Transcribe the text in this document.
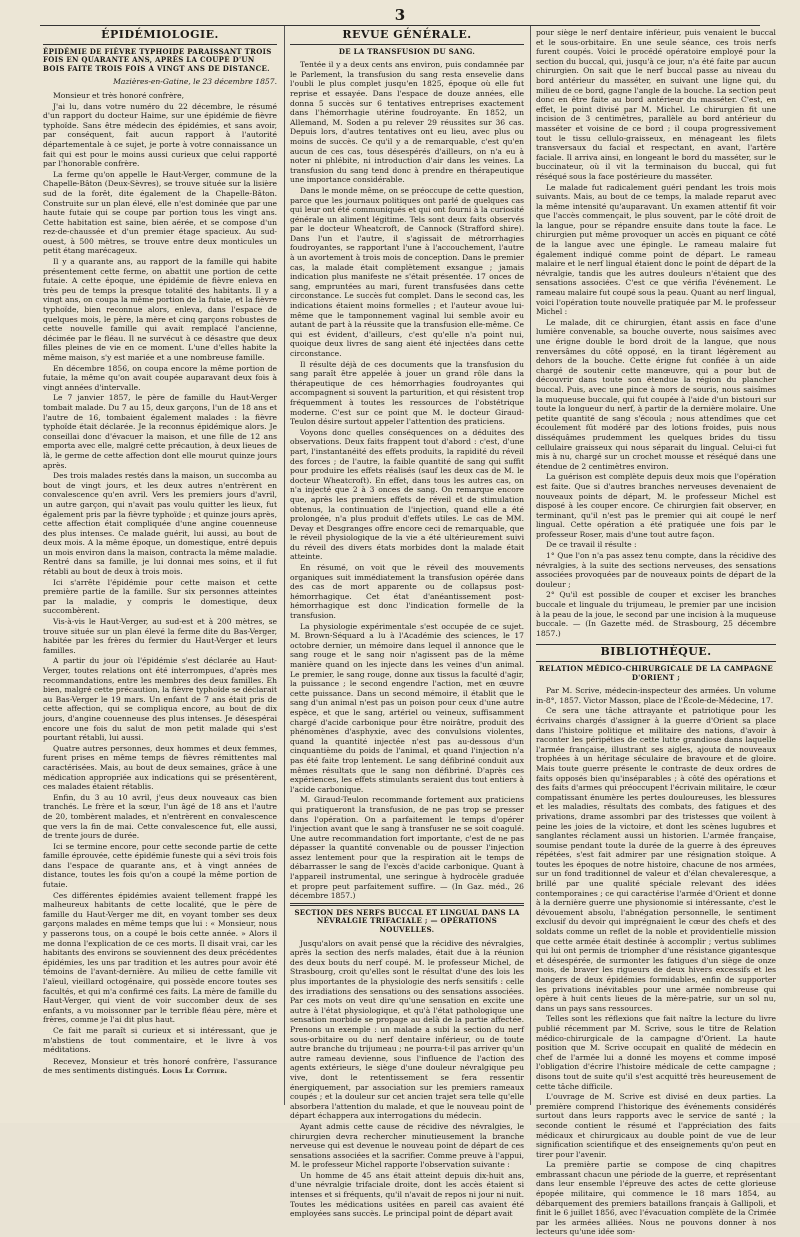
3
ÉPIDÉMIOLOGIE.
ÉPIDÉMIE DE FIÈVRE TYPHOIDE PARAISSANT TROIS FOIS EN QUARANTE ANS, APRÈS LA COUPE D'UN BOIS FAITE TROIS FOIS A VINGT ANS DE DISTANCE.
Mazières-en-Gatine, le 23 décembre 1857.

Monsieur et très honoré confrère,

J'ai lu, dans votre numéro du 22 décembre, le résumé d'un rapport du docteur Haime, sur une épidémie de fièvre typhoïde. Sans être médecin des épidémies, et sans avoir, par conséquent, fait aucun rapport à l'autorité départementale à ce sujet, je porte à votre connaissance un fait qui est pour le moins aussi curieux que celui rapporté par l'honorable confrère.

La ferme qu'on appelle le Haut-Verger, commune de la Chapelle-Bâton (Deux-Sèvres), se trouve située sur la lisière sud de la forêt, dite également de la Chapelle-Bâton. Construite sur un plan élevé, elle n'est dominée que par une haute futaie qui se coupe par portion tous les vingt ans. Cette habitation est saine, bien aérée, et se compose d'un rez-de-chaussée et d'un premier étage spacieux. Au sud-ouest, à 500 mètres, se trouve entre deux monticules un petit étang marécageux.

Il y a quarante ans, au rapport de la famille qui habite présentement cette ferme, on abattit une portion de cette futaie. A cette époque, une épidémie de fièvre enleva en très peu de temps la presque totalité des habitants. Il y a vingt ans, on coupa la même portion de la futaie, et la fièvre typhoïde, bien reconnue alors, enleva, dans l'espace de quelques mois, le père, la mère et cinq garçons robustes de cette nouvelle famille qui avait remplacé l'ancienne, décimée par le fléau. Il ne survécut à ce désastre que deux filles pleines de vie en ce moment. L'une d'elles habite la même maison, s'y est mariée et a une nombreuse famille.

En décembre 1856, on coupa encore la même portion de futaie, la même qu'on avait coupée auparavant deux fois à vingt années d'intervalle.

Le 7 janvier 1857, le père de famille du Haut-Verger tombait malade. Du 7 au 15, deux garçons, l'un de 18 ans et l'autre de 16, tombaient également malades : la fièvre typhoïde était déclarée. Je la reconnus épidémique alors. Je conseillai donc d'évacuer la maison, et une fille de 12 ans emporta avec elle, malgré cette précaution, à deux lieues de là, le germe de cette affection dont elle mourut quinze jours après.

Des trois malades restés dans la maison, un succomba au bout de vingt jours, et les deux autres n'entrèrent en convalescence qu'en avril. Vers les premiers jours d'avril, un autre garçon, qui n'avait pas voulu quitter les lieux, fut également pris par la fièvre typhoïde ; et quinze jours après, cette affection était compliquée d'une angine couenneuse des plus intenses. Ce malade guérit, lui aussi, au bout de deux mois. A la même époque, un domestique, entré depuis un mois environ dans la maison, contracta la même maladie. Rentré dans sa famille, je lui donnai mes soins, et il fut rétabli au bout de deux à trois mois.

Ici s'arrête l'épidémie pour cette maison et cette première partie de la famille. Sur six personnes atteintes par la maladie, y compris le domestique, deux succombèrent.

Vis-à-vis le Haut-Verger, au sud-est et à 200 mètres, se trouve située sur un plan élevé la ferme dite du Bas-Verger, habitée par les frères du fermier du Haut-Verger et leurs familles.

A partir du jour où l'épidémie s'est déclarée au Haut-Verger, toutes relations ont été interrompues, d'après mes recommandations, entre les membres des deux familles. Eh bien, malgré cette précaution, la fièvre typhoïde se déclarait au Bas-Verger le 19 mars. Un enfant de 7 ans était pris de cette affection, qui se compliqua encore, au bout de dix jours, d'angine couenneuse des plus intenses. Je désespérai encore une fois du salut de mon petit malade qui s'est pourtant rétabli, lui aussi.

Quatre autres personnes, deux hommes et deux femmes, furent prises en même temps de fièvres rémittentes mal caractérisées. Mais, au bout de deux semaines, grâce à une médication appropriée aux indications qui se présentèrent, ces malades étaient rétablis.

Enfin, du 3 au 10 avril, j'eus deux nouveaux cas bien tranchés. Le frère et la sœur, l'un âgé de 18 ans et l'autre de 20, tombèrent malades, et n'entrèrent en convalescence que vers la fin de mai. Cette convalescence fut, elle aussi, de trente jours de durée.

Ici se termine encore, pour cette seconde partie de cette famille éprouvée, cette épidémie funeste qui a sévi trois fois dans l'espace de quarante ans, et à vingt années de distance, toutes les fois qu'on a coupé la même portion de futaie.

Ces différentes épidémies avaient tellement frappé les malheureux habitants de cette localité, que le père de famille du Haut-Verger me dit, en voyant tomber ses deux garçons malades en même temps que lui : « Monsieur, nous y passerons tous, on a coupé le bois cette année. » Alors il me donna l'explication de ce ces morts. Il disait vrai, car les habitants des environs se souviennent des deux précédentes épidémies, les uns par tradition et les autres pour avoir été témoins de l'avant-dernière. Au milieu de cette famille vit l'aïeul, vieillard octogénaire, qui possède encore toutes ses facultés, et qui m'a confirmé ces faits. La mère de famille du Haut-Verger, qui vient de voir succomber deux de ses enfants, a vu moissonner par le terrible fléau père, mère et frères, comme je l'ai dit plus haut.

Ce fait me paraît si curieux et si intéressant, que je m'abstiens de tout commentaire, et le livre à vos méditations.

Recevez, Monsieur et très honoré confrère, l'assurance de mes sentiments distingués. Louis Le Cottier.

REVUE GÉNÉRALE.
DE LA TRANSFUSION DU SANG.

Tentée il y a deux cents ans environ, puis condamnée par le Parlement, la transfusion du sang resta ensevelie dans l'oubli le plus complet jusqu'en 1825, époque où elle fut reprise et essayée. Dans l'espace de douze années, elle donna 5 succès sur 6 tentatives entreprises exactement dans l'hémorrhagie utérine foudroyante. En 1852, un Allemand, M. Soden a pu relever 29 réussites sur 36 cas. Depuis lors, d'autres tentatives ont eu lieu, avec plus ou moins de succès. Ce qu'il y a de remarquable, c'est qu'en aucun de ces cas, tous désespérés d'ailleurs, on n'a eu à noter ni phlébite, ni introduction d'air dans les veines. La transfusion du sang tend donc à prendre en thérapeutique une importance considérable.

Dans le monde même, on se préoccupe de cette question, parce que les journaux politiques ont parlé de quelques cas qui leur ont été communiqués et qui ont fourni à la curiosité générale un aliment légitime. Tels sont deux faits observés par le docteur Wheatcroft, de Cannock (Strafford shire). Dans l'un et l'autre, il s'agissait de métrorrhagies foudroyantes, se rapportant l'une à l'accouchement, l'autre à un avortement à trois mois de conception. Dans le premier cas, la malade était complètement exsangue ; jamais indication plus manifeste ne s'était présentée. 17 onces de sang, empruntées au mari, furent transfusées dans cette circonstance. Le succès fut complet. Dans le second cas, les indications étaient moins formelles ; et l'auteur avoue lui-même que le tamponnement vaginal lui semble avoir eu autant de part à la réussite que la transfusion elle-même. Ce qui est évident, d'ailleurs, c'est qu'elle n'a point nui, quoique deux livres de sang aient été injectées dans cette circonstance.

Il résulte déjà de ces documents que la transfusion du sang paraît être appelée à jouer un grand rôle dans la thérapeutique de ces hémorrhagies foudroyantes qui accompagnent si souvent la parturition, et qui résistent trop fréquemment à toutes les ressources de l'obstétrique moderne. C'est sur ce point que M. le docteur Giraud-Teulon désire surtout appeler l'attention des praticiens.

Voyons donc quelles conséquences on a déduites des observations. Deux faits frappent tout d'abord : c'est, d'une part, l'instantanéité des effets produits, la rapidité du réveil des forces ; de l'autre, la faible quantité de sang qui suffit pour produire les effets réalisés (sauf les deux cas de M. le docteur Wheatcroft). En effet, dans tous les autres cas, on n'a injecté que 2 à 3 onces de sang. On remarque encore que, après les premiers effets de réveil et de stimulation obtenus, la continuation de l'injection, quand elle a été prolongée, n'a plus produit d'effets utiles. Le cas de MM. Devay et Desgranges offre encore ceci de remarquable, que le réveil physiologique de la vie a été ultérieurement suivi du réveil des divers états morbides dont la malade était atteinte.

En résumé, on voit que le réveil des mouvements organiques suit immédiatement la transfusion opérée dans des cas de mort apparente ou de collapsus post-hémorrhagique. Cet état d'anéantissement post-hémorrhagique est donc l'indication formelle de la transfusion.

La physiologie expérimentale s'est occupée de ce sujet. M. Brown-Séquard a lu à l'Académie des sciences, le 17 octobre dernier, un mémoire dans lequel il annonce que le sang rouge et le sang noir n'agissent pas de la même manière quand on les injecte dans les veines d'un animal. Le premier, le sang rouge, donne aux tissus la faculté d'agir, la puissance ; le second engendre l'action, met en œuvre cette puissance. Dans un second mémoire, il établit que le sang d'un animal n'est pas un poison pour ceux d'une autre espèce, et que le sang, artériel ou veineux, suffisamment chargé d'acide carbonique pour être noirâtre, produit des phénomènes d'asphyxie, avec des convulsions violentes, quand la quantité injectée n'est pas au-dessous d'un cinquantième du poids de l'animal, et quand l'injection n'a pas été faite trop lentement. Le sang défibriné conduit aux mêmes résultats que le sang non défibriné. D'après ces expériences, les effets stimulants seraient dus tout entiers à l'acide carbonique.

M. Giraud-Teulon recommande fortement aux praticiens qui pratiqueront la transfusion, de ne pas trop se presser dans l'opération. On a parfaitement le temps d'opérer l'injection avant que le sang à transfuser ne se soit coagulé. Une autre recommandation fort importante, c'est de ne pas dépasser la quantité convenable ou de pousser l'injection assez lentement pour que la respiration ait le temps de débarrasser le sang de l'excès d'acide carbonique. Quant à l'appareil instrumental, une seringue à hydrocèle graduée et propre peut parfaitement suffire. — (In Gaz. méd., 26 décembre 1857.)

SECTION DES NERFS BUCCAL ET LINGUAL DANS LA NÉVRALGIE TRIFACIALE ; — OPÉRATIONS NOUVELLES.

Jusqu'alors on avait pensé que la récidive des névralgies, après la section des nerfs malades, était due à la réunion des deux bouts du nerf coupé. M. le professeur Michel, de Strasbourg, croit qu'elles sont le résultat d'une des lois les plus importantes de la physiologie des nerfs sensitifs : celle des irradiations des sensations ou des sensations associées. Par ces mots on veut dire qu'une sensation en excite une autre à l'état physiologique, et qu'à l'état pathologique une sensation morbide se propage au delà de la partie affectée. Prenons un exemple : un malade a subi la section du nerf sous-orbitaire ou du nerf dentaire inférieur, ou de toute autre branche du trijumeau ; ne pourra-t-il pas arriver qu'un autre rameau devienne, sous l'influence de l'action des agents extérieurs, le siège d'une douleur névralgique peu vive, dont le retentissement se fera ressentir énergiquement, par association sur les premiers rameaux coupés ; et la douleur sur cet ancien trajet sera telle qu'elle absorbera l'attention du malade, et que le nouveau point de départ échappera aux interrogations du médecin.

Ayant admis cette cause de récidive des névralgies, le chirurgien devra rechercher minutieusement la branche nerveuse qui est devenue le nouveau point de départ de ces sensations associées et la sacrifier. Comme preuve à l'appui, M. le professeur Michel rapporte l'observation suivante :

Un homme de 45 ans était atteint depuis dix-huit ans, d'une névralgie trifaciale droite, dont les accès étaient si intenses et si fréquents, qu'il n'avait de repos ni jour ni nuit. Toutes les médications usitées en pareil cas avaient été employées sans succès. Le principal point de départ avait

pour siège le nerf dentaire inférieur, puis venaient le buccal et le sous-orbitaire. En une seule séance, ces trois nerfs furent coupés. Voici le procédé opératoire employé pour la section du buccal, qui, jusqu'à ce jour, n'a été faite par aucun chirurgien. On sait que le nerf buccal passe au niveau du bord antérieur du masséter, en suivant une ligne qui, du milieu de ce bord, gagne l'angle de la bouche. La section peut donc en être faite au bord antérieur du masséter. C'est, en effet, le point divisé par M. Michel. Le chirurgien fit une incision de 3 centimètres, parallèle au bord antérieur du masséter et voisine de ce bord ; il coupa progressivement tout le tissu cellulo-graisseux, en ménageant les filets transversaux du facial et respectant, en avant, l'artère faciale. Il arriva ainsi, en longeant le bord du masséter, sur le buccinateur, où il vit la terminaison du buccal, qui fut réséqué sous la face postérieure du masséter.

Le malade fut radicalement guéri pendant les trois mois suivants. Mais, au bout de ce temps, la malade reparut avec la même intensité qu'auparavant. Un examen attentif fit voir que l'accès commençait, le plus souvent, par le côté droit de la langue, pour se répandre ensuite dans toute la face. Le chirurgien put même provoquer un accès en piquant ce côté de la langue avec une épingle. Le rameau malaire fut également indiqué comme point de départ. Le rameau malaire et le nerf lingual étaient donc le point de départ de la névralgie, tandis que les autres douleurs n'étaient que des sensations associées. C'est ce que vérifia l'événement. Le rameau malaire fut coupé sous la peau. Quant au nerf lingual, voici l'opération toute nouvelle pratiquée par M. le professeur Michel :

Le malade, dit ce chirurgien, étant assis en face d'une lumière convenable, sa bouche ouverte, nous saisîmes avec une érigne double le bord droit de la langue, que nous renversâmes du côté opposé, en la tirant légèrement au dehors de la bouche. Cette érigne fut confiée à un aide chargé de soutenir cette manœuvre, qui a pour but de découvrir dans toute son étendue la région du plancher buccal. Puis, avec une pince à mors de souris, nous saisîmes la muqueuse buccale, qui fut coupée à l'aide d'un bistouri sur toute la longueur du nerf, à partir de la dernière molaire. Une petite quantité de sang s'écoula ; nous attendîmes que cet écoulement fût modéré par des lotions froides, puis nous disséquâmes prudemment les quelques brides du tissu cellulaire graisseux qui nous séparait du lingual. Celui-ci fut mis à nu, chargé sur un crochet mousse et réséqué dans une étendue de 2 centimètres environ.

La guérison est complète depuis deux mois que l'opération est faite. Que si d'autres branches nerveuses devenaient de nouveaux points de départ, M. le professeur Michel est disposé à les couper encore. Ce chirurgien fait observer, en terminant, qu'il n'est pas le premier qui ait coupé le nerf lingual. Cette opération a été pratiquée une fois par le professeur Roser, mais d'une tout autre façon.

De ce travail il résulte :

1° Que l'on n'a pas assez tenu compte, dans la récidive des névralgies, à la suite des sections nerveuses, des sensations associées provoquées par de nouveaux points de départ de la douleur ;

2° Qu'il est possible de couper et exciser les branches buccale et linguale du trijumeau, le premier par une incision à la peau de la joue, le second par une incision à la muqueuse buccale. — (In Gazette méd. de Strasbourg, 25 décembre 1857.)

BIBLIOTHÈQUE.
RELATION MÉDICO-CHIRURGICALE DE LA CAMPAGNE D'ORIENT ;

Par M. Scrive, médecin-inspecteur des armées. Un volume in-8°, 1857. Victor Masson, place de l'École-de-Médecine, 17.

Ce sera une tâche attrayante et patriotique pour les écrivains chargés d'assigner à la guerre d'Orient sa place dans l'histoire politique et militaire des nations, d'avoir à raconter les péripéties de cette lutte grandiose dans laquelle l'armée française, illustrant ses aigles, ajouta de nouveaux trophées à un héritage séculaire de bravoure et de gloire. Mais toute guerre présente le contraste de deux ordres de faits opposés bien qu'inséparables ; à côté des opérations et des faits d'armes qui préoccupent l'écrivain militaire, le cœur compatissant énumère les pertes douloureuses, les blessures et les maladies, résultats des combats, des fatigues et des privations, drame assombri par des tristesses que voilent à peine les joies de la victoire, et dont les scènes lugubres et sanglantes réclament aussi un historien. L'armée française, soumise pendant toute la durée de la guerre à des épreuves répétées, s'est fait admirer par une résignation stoïque. A toutes les époques de notre histoire, chacune de nos armées, sur un fond traditionnel de valeur et d'élan chevaleresque, a brillé par une qualité spéciale relevant des idées contemporaines ; ce qui caractérise l'armée d'Orient et donne à la dernière guerre une physionomie si intéressante, c'est le dévouement absolu, l'abnégation personnelle, le sentiment exclusif du devoir qui imprégnaient le cœur des chefs et des soldats comme un reflet de la noble et providentielle mission que cette armée était destinée à accomplir ; vertus sublimes qui lui ont permis de triompher d'une résistance gigantesque et désespérée, de surmonter les fatigues d'un siège de onze mois, de braver les rigueurs de deux hivers excessifs et les dangers de deux épidémies formidables, enfin de supporter les privations inévitables pour une armée nombreuse qui opère à huit cents lieues de la mère-patrie, sur un sol nu, dans un pays sans ressources.

Telles sont les réflexions que fait naître la lecture du livre publié récemment par M. Scrive, sous le titre de Relation médico-chirurgicale de la campagne d'Orient. La haute position que M. Scrive occupait en qualité de médecin en chef de l'armée lui a donné les moyens et comme imposé l'obligation d'écrire l'histoire médicale de cette campagne ; disons tout de suite qu'il s'est acquitté très heureusement de cette tâche difficile.

L'ouvrage de M. Scrive est divisé en deux parties. La première comprend l'historique des événements considérés surtout dans leurs rapports avec le service de santé ; la seconde contient le résumé et l'appréciation des faits médicaux et chirurgicaux au double point de vue de leur signification scientifique et des enseignements qu'on peut en tirer pour l'avenir.

La première partie se compose de cinq chapitres embrassant chacun une période de la guerre, et représentant dans leur ensemble l'épreuve des actes de cette glorieuse épopée militaire, qui commence le 18 mars 1854, au débarquement des premiers bataillons français à Gallipoli, et finit le 6 juillet 1856, avec l'évacuation complète de la Crimée par les armées alliées. Nous ne pouvons donner à nos lecteurs qu'une idée som-
